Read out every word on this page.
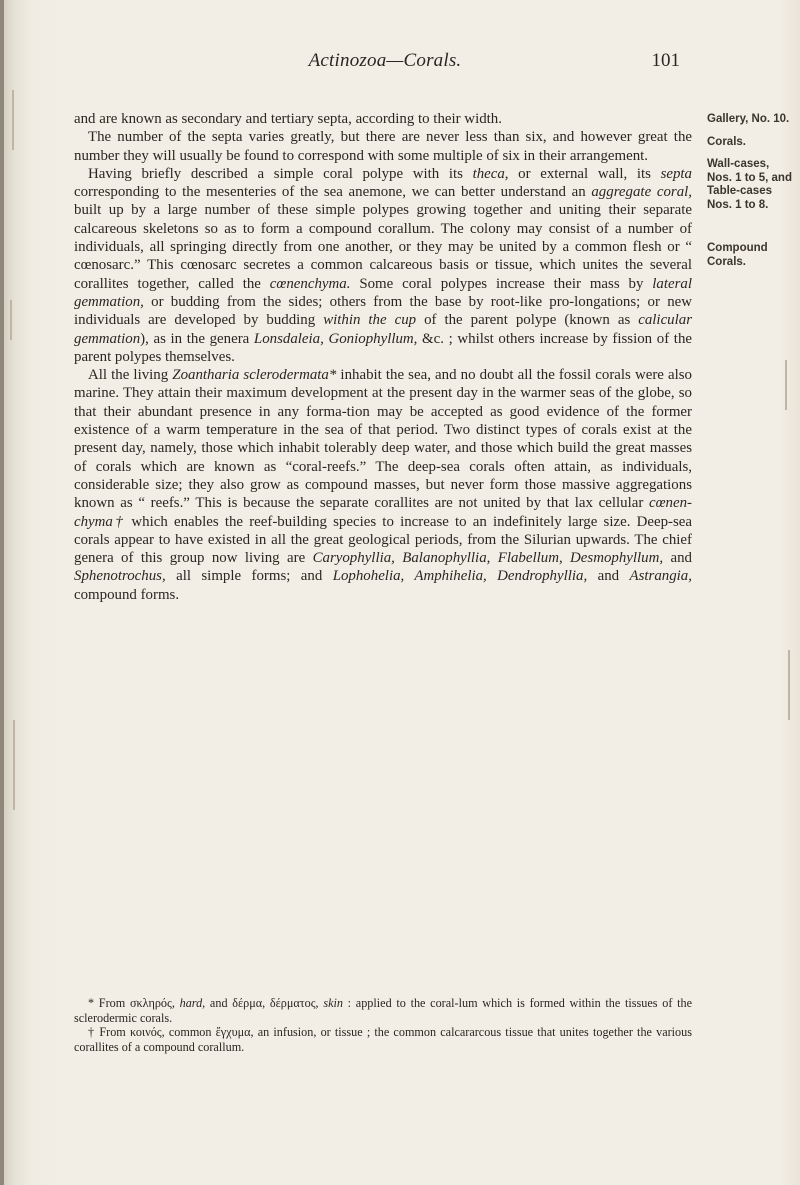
Actinozoa—Corals.	101

and are known as secondary and tertiary septa, according to their width.

The number of the septa varies greatly, but there are never less than six, and however great the number they will usually be found to correspond with some multiple of six in their arrangement.

Having briefly described a simple coral polype with its theca, or external wall, its septa corresponding to the mesenteries of the sea anemone, we can better understand an aggregate coral, built up by a large number of these simple polypes growing together and uniting their separate calcareous skeletons so as to form a compound corallum. The colony may consist of a number of individuals, all springing directly from one another, or they may be united by a common flesh or “ cœnosarc.” This cœnosarc secretes a common calcareous basis or tissue, which unites the several corallites together, called the cœnenchyma. Some coral polypes increase their mass by lateral gemmation, or budding from the sides; others from the base by root-like pro-longations; or new individuals are developed by budding within the cup of the parent polype (known as calicular gemmation), as in the genera Lonsdaleia, Goniophyllum, &c. ; whilst others increase by fission of the parent polypes themselves.

All the living Zoantharia sclerodermata* inhabit the sea, and no doubt all the fossil corals were also marine. They attain their maximum development at the present day in the warmer seas of the globe, so that their abundant presence in any forma-tion may be accepted as good evidence of the former existence of a warm temperature in the sea of that period. Two distinct types of corals exist at the present day, namely, those which inhabit tolerably deep water, and those which build the great masses of corals which are known as “coral-reefs.” The deep-sea corals often attain, as individuals, considerable size; they also grow as compound masses, but never form those massive aggregations known as “ reefs.” This is because the separate corallites are not united by that lax cellular cœnen-chyma† which enables the reef-building species to increase to an indefinitely large size. Deep-sea corals appear to have existed in all the great geological periods, from the Silurian upwards. The chief genera of this group now living are Caryophyllia, Balanophyllia, Flabellum, Desmophyllum, and Sphenotrochus, all simple forms; and Lophohelia, Amphihelia, Dendrophyllia, and Astrangia, compound forms.

Gallery, No. 10.
Corals.
Wall-cases, Nos. 1 to 5, and Table-cases Nos. 1 to 8.
Compound Corals.

* From σκληρός, hard, and δέρμα, δέρματος, skin : applied to the coral-lum which is formed within the tissues of the sclerodermic corals.

† From κοινός, common ἔγχυμα, an infusion, or tissue ; the common calcararcous tissue that unites together the various corallites of a compound corallum.
